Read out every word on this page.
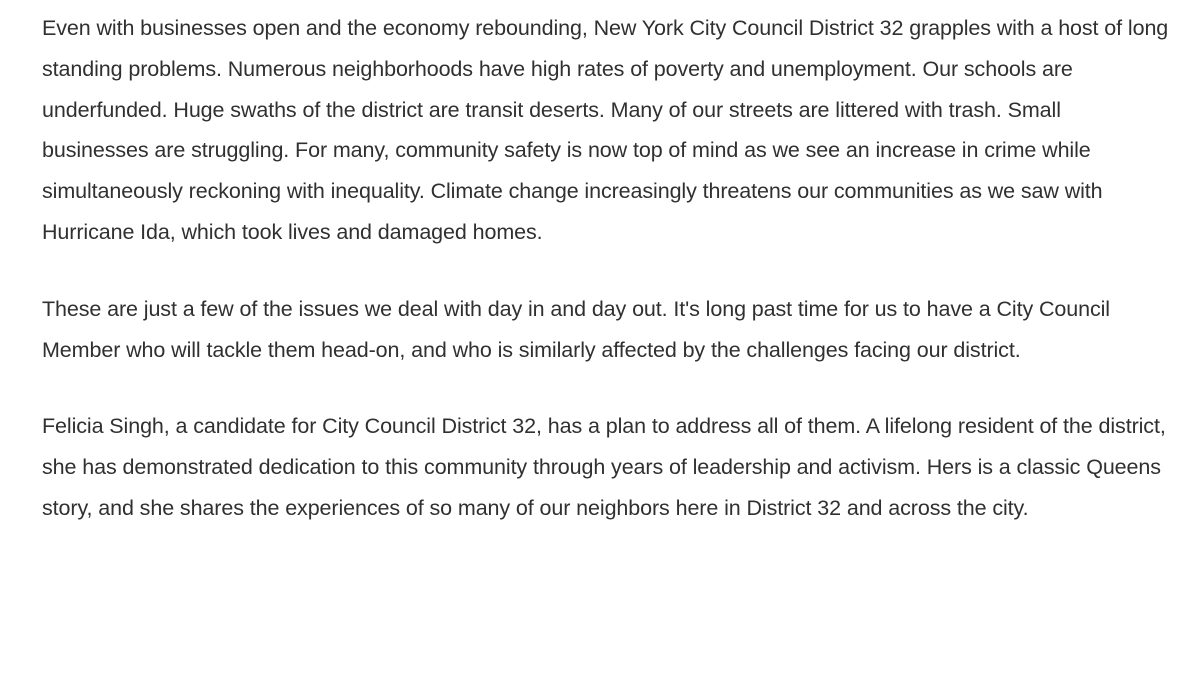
Even with businesses open and the economy rebounding, New York City Council District 32 grapples with a host of long standing problems. Numerous neighborhoods have high rates of poverty and unemployment. Our schools are underfunded. Huge swaths of the district are transit deserts. Many of our streets are littered with trash. Small businesses are struggling. For many, community safety is now top of mind as we see an increase in crime while simultaneously reckoning with inequality. Climate change increasingly threatens our communities as we saw with Hurricane Ida, which took lives and damaged homes.

These are just a few of the issues we deal with day in and day out. It's long past time for us to have a City Council Member who will tackle them head-on, and who is similarly affected by the challenges facing our district.

Felicia Singh, a candidate for City Council District 32, has a plan to address all of them. A lifelong resident of the district, she has demonstrated dedication to this community through years of leadership and activism. Hers is a classic Queens story, and she shares the experiences of so many of our neighbors here in District 32 and across the city.
